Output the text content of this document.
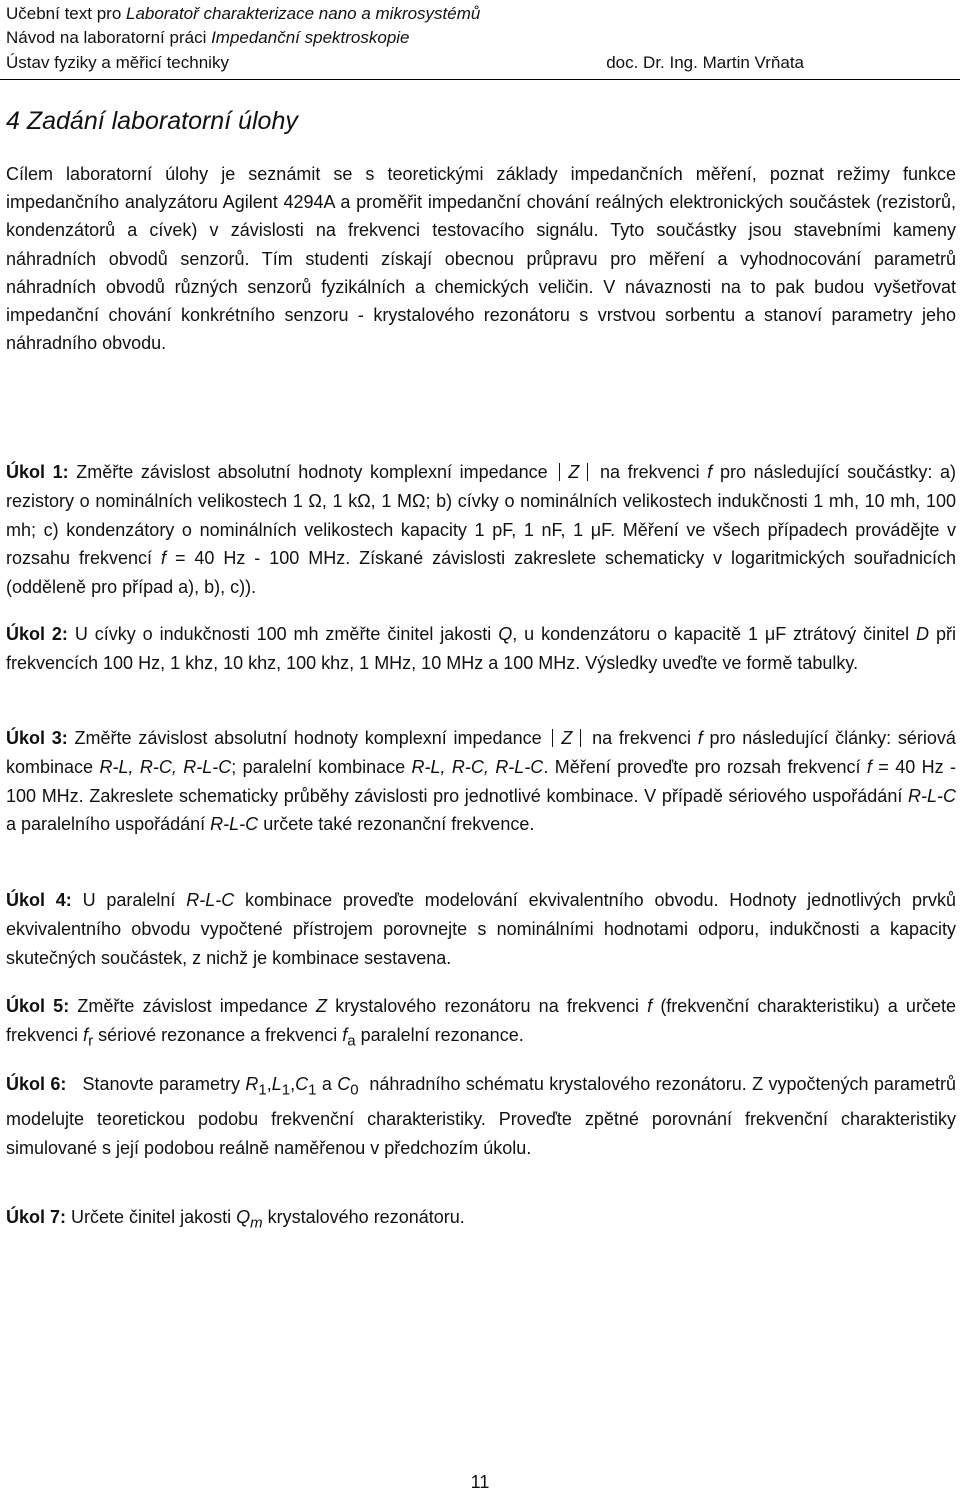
Učební text pro Laboratoř charakterizace nano a mikrosystémů
Návod na laboratorní práci Impedanční spektroskopie
Ústav fyziky a měřicí techniky	doc. Dr. Ing. Martin Vrňata
4 Zadání laboratorní úlohy

Cílem laboratorní úlohy je seznámit se s teoretickými základy impedančních měření, poznat režimy funkce impedančního analyzátoru Agilent 4294A a proměřit impedanční chování reálných elektronických součástek (rezistorů, kondenzátorů a cívek) v závislosti na frekvenci testovacího signálu. Tyto součástky jsou stavebními kameny náhradních obvodů senzorů. Tím studenti získají obecnou průpravu pro měření a vyhodnocování parametrů náhradních obvodů různých senzorů fyzikálních a chemických veličin. V návaznosti na to pak budou vyšetřovat impedanční chování konkrétního senzoru - krystalového rezonátoru s vrstvou sorbentu a stanoví parametry jeho náhradního obvodu.

Úkol 1: Změřte závislost absolutní hodnoty komplexní impedance Z na frekvenci f pro následující součástky: a) rezistory o nominálních velikostech 1 Ω, 1 kΩ, 1 MΩ; b) cívky o nominálních velikostech indukčnosti 1 mh, 10 mh, 100 mh; c) kondenzátory o nominálních velikostech kapacity 1 pF, 1 nF, 1 μF. Měření ve všech případech provádějte v rozsahu frekvencí f = 40 Hz - 100 MHz. Získané závislosti zakreslete schematicky v logaritmických souřadnicích (odděleně pro případ a), b), c)).

Úkol 2: U cívky o indukčnosti 100 mh změřte činitel jakosti Q, u kondenzátoru o kapacitě 1 μF ztrátový činitel D při frekvencích 100 Hz, 1 khz, 10 khz, 100 khz, 1 MHz, 10 MHz a 100 MHz. Výsledky uveďte ve formě tabulky.

Úkol 3: Změřte závislost absolutní hodnoty komplexní impedance Z na frekvenci f pro následující články: sériová kombinace R-L, R-C, R-L-C; paralelní kombinace R-L, R-C, R-L-C. Měření proveďte pro rozsah frekvencí f = 40 Hz - 100 MHz. Zakreslete schematicky průběhy závislosti pro jednotlivé kombinace. V případě sériového uspořádání R-L-C a paralelního uspořádání R-L-C určete také rezonanční frekvence.

Úkol 4: U paralelní R-L-C kombinace proveďte modelování ekvivalentního obvodu. Hodnoty jednotlivých prvků ekvivalentního obvodu vypočtené přístrojem porovnejte s nominálními hodnotami odporu, indukčnosti a kapacity skutečných součástek, z nichž je kombinace sestavena.

Úkol 5: Změřte závislost impedance Z krystalového rezonátoru na frekvenci f (frekvenční charakteristiku) a určete frekvenci $f_r$ sériové rezonance a frekvenci $f_a$ paralelní rezonance.

Úkol 6: Stanovte parametry $R_1,L_1,C_1$ a $C_0$ náhradního schématu krystalového rezonátoru. Z vypočtených parametrů modelujte teoretickou podobu frekvenční charakteristiky. Proveďte zpětné porovnání frekvenční charakteristiky simulované s její podobou reálně naměřenou v předchozím úkolu.

Úkol 7: Určete činitel jakosti $Q_m$ krystalového rezonátoru.

11
